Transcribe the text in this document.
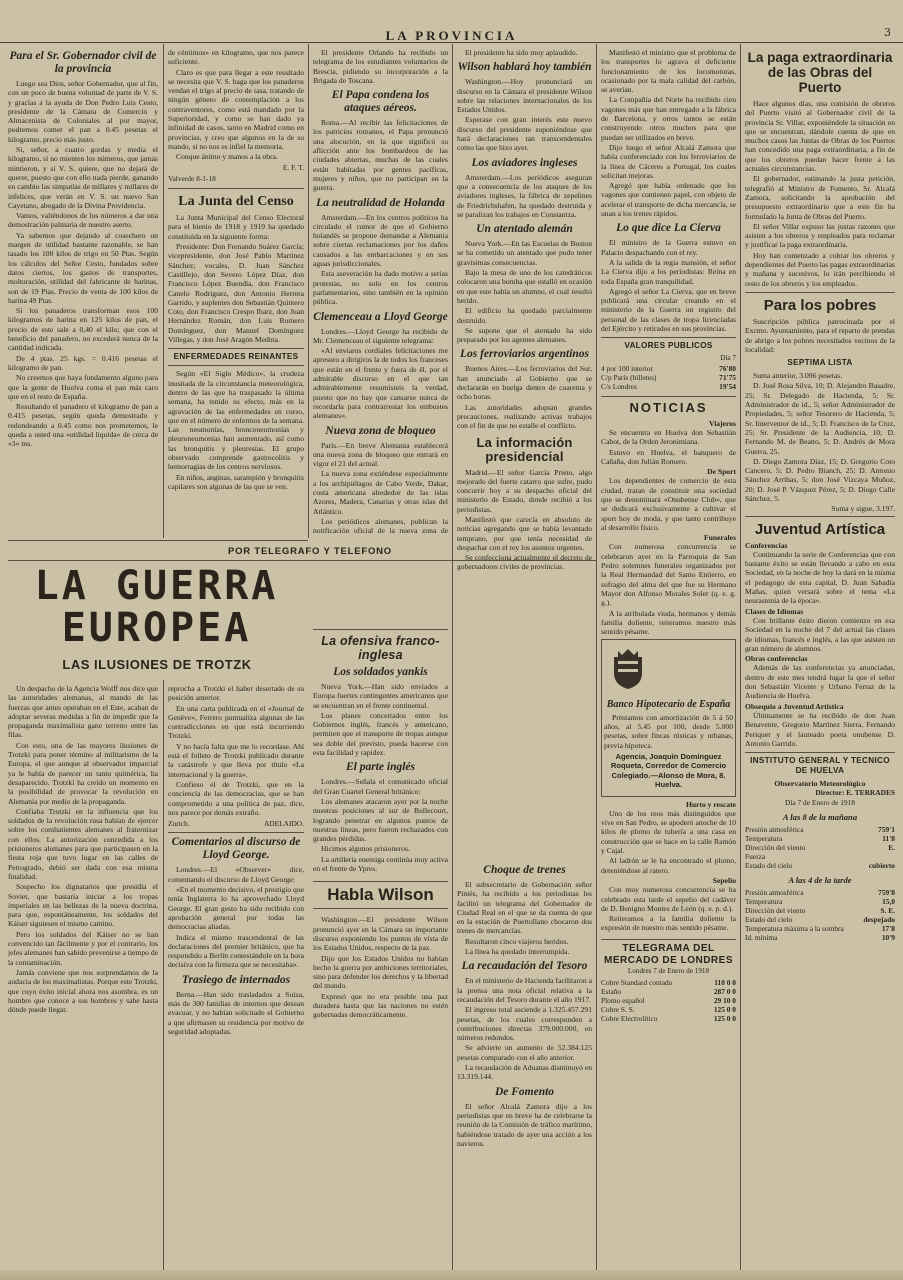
LA PROVINCIA	3
Para el Sr. Gobernador civil de la provincia

Luego sea Dios, señor Gobernador, que al fin, con un poco de buena voluntad de parte de V. S. y gracias a la ayuda de Don Pedro Luis Cesto, presidente de la Cámara de Comercio y Almacenista de Coloniales al por mayor, podremos comer el pan a 0.45 pesetas el kilogramo, precio más justo.

Si, señor, a cuatro gordas y media el kilogramo, si no mienten los números, que jamás mintieron, y si V. S. quiere, que no dejará de querer, puesto que con ello nada pierde, ganando en cambio las simpatías de millares y millares de infelices, que verán en V. S. un nuevo San Cayetano, abogado de la Divina Providencia.

Vamos, valiéndonos de los números a dar una demostración palmaria de nuestro aserto.

Ya sabemos que dejando al cosechero un margen de utilidad bastante razonable, se han tasado los 100 kilos de trigo en 50 Ptas. Según los cálculos del Señor Cesto, fundados sobre datos ciertos, los gastos de transportes, molturación, utilidad del fabricante de harinas, son de 19 Ptas. Precio de venta de 100 kilos de harina 49 Ptas.

Si los panaderos transforman esos 100 kilogramos de harina en 125 kilos de pan, el precio de este sale a 0,40 el kilo; que con el beneficio del panadero, no excederá nunca de la cantidad indicada.

De 4 ptas. 25 kgs. = 0.416 pesetas el kilogramo de pan.

No creemos que haya fundamento alguno para que la gente de Huelva coma el pan más caro que en el resto de España.

Resultando el panadero el kilogramo de pan a 0.415 pesetas, según queda demostrado y redondeando a 0.45 como nos prometemos, le queda a usted una «utilidad líquida» de cerca de «3» ms.

de céntimos» en kilogramo, que nos parece suficiente.

Claro es que para llegar a este resultado se necesita que V. S. haga que los panaderos vendan el trigo al precio de tasa, tratando de ningún género de contemplación a los contraventores, como está mandado por la Superioridad, y como se han dado ya infinidad de casos, tanto en Madrid como en provincias, y creo que algunos en la de su mando, si no nos es infiel la memoria.

Conque ánimo y manos a la obra.

E. F. T.
Valverde 8-1-18
La Junta del Censo

La Junta Municipal del Censo Electoral para el bienio de 1918 y 1919 ha quedado constituida en la siguiente forma:

Presidente: Don Fernando Suárez García; vicepresidente, don José Pablo Martínez Sánchez; vocales, D. Juan Sánchez Castillejo, don Severo López Díaz, don Francisco López Buendía, don Francisco Canelo Rodríguez, don Antonio Herrera Garrido, y suplentes don Sebastián Quintero Coto, don Francisco Crespo Ibarz, don Juan Hernández Román, don Luis Romero Domínguez, don Manuel Domínguez Villegas, y don José Aragón Medina.

ENFERMEDADES REINANTES

Según «El Siglo Médico», la crudeza inusitada de la circunstancia meteorológica, dentro de las que ha traspasado la última semana, ha tenido su efecto, más en la agravación de las enfermedades en curso, que en el número de enfermos de la semana. Las neumonías, bronconeumonías y pleuroneumonías han aumentado, así como las bronquitis y pleuresías. El grupo observado comprende gastrocolitis y hemorragias de los centros nerviosos.

En niños, anginas, sarampión y bronquitis capilares son algunas de las que se ven.

El presidente Orlando ha recibido un telegrama de los estudiantes voluntarios de Brescia, pidiendo su incorporación a la Brigada de Toscana.

El Papa condena los ataques aéreos.

Roma.—Al recibir las felicitaciones de los patricios romanos, el Papa pronunció una alocución, en la que significó su aflicción ante los bombardeos de las ciudades abiertas, muchas de las cuales están habitadas por gentes pacíficas, mujeres y niños, que no participan en la guerra.

La neutralidad de Holanda

Amsterdam.—En los centros políticos ha circulado el rumor de que el Gobierno holandés se propone demandar a Alemania sobre ciertas reclamaciones por los daños causados a las embarcaciones y en sus aguas jurisdiccionales.

Esta aseveración ha dado motivo a serias protestas, no solo en los centros parlamentarios, sino también en la opinión pública.

Clemenceau a Lloyd George

Londres.—Lloyd George ha recibido de Mr. Clemenceau el siguiente telegrama:

«Al enviaros cordiales felicitaciones me apresuro a dirigiros la de todos los franceses que están en el frente y fuera de él, por el admirable discurso en el que tan admirablemente resumisteis la verdad, puesto que no hay que cansarse nunca de recordarla para contrarrestar los embustes alemanes».

Nueva zona de bloqueo

París.—En breve Alemania establecerá una nueva zona de bloqueo que entrará en vigor el 21 del actual.

La nueva zona extiéndese especialmente a los archipiélagos de Cabo Verde, Dakar, costa americana alrededor de las islas Azores, Madera, Canarias y otras islas del Atlántico.

Los periódicos alemanes, publican la notificación oficial de la nueva zona de

El presidente ha sido muy aplaudido.

Wilson hablará hoy también

Washington.—Hoy pronunciará un discurso en la Cámara el presidente Wilson sobre las relaciones internacionales de los Estados Unidos.

Esperase con gran interés este nuevo discurso del presidente suponiéndose que hará declaraciones tan transcendentales como las que hizo ayer.

Los aviadores ingleses

Amsterdam.—Los periódicos aseguran que a consecuencia de los ataques de los aviadores ingleses, la fábrica de zepelines de Friedrichshafen, ha quedado destruida y se paralizan los trabajos en Constantza.

Un atentado alemán

Nueva York.—En las Escuelas de Boston se ha cometido un atentado que pudo tener gravísimas consecuencias.

Bajo la mesa de uno de los catedráticos colocaron una bomba que estalló en ocasión en que este había un alumno, el cual resultó herido.

El edificio ha quedado parcialmente destruido.

Se supone que el atentado ha sido preparado por los agentes alemanes.

Los ferroviarios argentinos

Buenos Aires.—Los ferroviarios del Sur, han anunciado al Gobierno que se declararán en huelga dentro de cuarenta y ocho horas.

Las autoridades adoptan grandes precauciones, realizando activas trabajos con el fin de que no estalle el conflicto.

La información presidencial

Madrid.—El señor García Prieto, algo mejorado del fuerte catarro que sufre, pudo concurrir hoy a su despacho oficial del ministerio de Estado, donde recibió a los periodistas.

Manifestó que carecía en absoluto de noticias agregando que se había levantado temprano, por que tenía necesidad de despachar con el rey los asuntos urgentes.

Se confecciona actualmente el decreto de gobernadores civiles de provincias.

Manifestó el ministro que el problema de los transportes lo agrava el deficiente funcionamiento de los locomotoras, ocasionado por la mala calidad del carbón, se averían.

La Compañía del Norte ha recibido cien vagones más que han entregado a la fábrica de Barcelona, y otros tantos se están construyendo otros muchos para que puedan ser utilizados en breve.

Dijo luego el señor Alcalá Zamora que había conferenciado con los ferroviarios de la línea de Cáceres a Portugal, los cuales solicitan mejoras.

Agregó que había ordenado que los vagones que contienen papel, con objeto de acelerar el transporte de dicha mercancía, se unan a los trenes rápidos.

Lo que dice La Cierva

El ministro de la Guerra estuvo en Palacio despachando con el rey.

A la salida de la regia mansión, el señor La Cierva dijo a los periodistas: Reina en toda España gran tranquilidad.

Agregó el señor La Cierva, que en breve publicará una circular creando en el ministerio de la Guerra un registro del personal de las clases de tropa licenciadas del Ejército y retirados en sus provincias.

VALORES PUBLICOS
Día 7
4 por 100 interior	76'80
C/p París (billetes)	71'75
C/s Londres	19'54
NOTICIAS
Viajeros

Se encuentra en Huelva don Sebastián Cabot, de la Orden Jeronimiana.

Estuvo en Huelva, el banquero de Cañaña, don Julián Romero.

De Sport

Los dependientes de comercio de esta ciudad, tratan de constituir una sociedad que se denominará «Onubense Club», que se dedicará exclusivamente a cultivar el sport hoy de moda, y que tanto contribuye al desarrollo físico.

Funerales

Con numerosa concurrencia se celebraron ayer en la Parroquia de San Pedro solemnes funerales organizados por la Real Hermandad del Santo Entierro, en sufragio del alma del que fue su Hermano Mayor don Alfonso Morales Soler (q. e. g. g.).

A la atribulada viuda, hermanos y demás familia doliente, reiteramos nuestro más sentido pésame.

Banco Hipotecario de España

Préstamos con amortización de 5 á 50 años, al 5.45 por 100, desde 5.000 pesetas, sobre fincas rústicas y urbanas, previa hipoteca.

Agencia, Joaquín Domínguez Roqueta, Corredor de Comercio Colegiado.—Alonso de Mora, 8. Huelva.
Hurto y rescate

Uno de los reos más distinguidos que vive en San Pedro, se apoderó anoche de 10 kilos de plomo de tubería a una casa en construcción que se hace en la calle Ramón y Cajal.

Al ladrón se le ha encontrado el plomo, deteniéndose al ratero.

Sepelio

Con muy numerosa concurrencia se ha celebrado esta tarde el sepelio del cadáver de D. Benigno Montes de León (q. e. p. d.).

Reiteramos a la familia doliente la expresión de nuestro más sentido pésame.

TELEGRAMA DEL MERCADO DE LONDRES
Londres 7 de Enero de 1918
Cobre Standard contado	110 0 0
Estaño	287 0 0
Plomo español	29 10 0
Cobre S. S.	125 0 0
Cobre Electrolítico	125 0 0
La paga extraordinaria de las Obras del Puerto

Hace algunos días, una comisión de obreros del Puerto visitó al Gobernador civil de la provincia Sr. Villar, exponiéndole la situación en que se encuentran, dándole cuenta de que en muchos casos las Juntas de Obras de los Puertos han concedido una paga extraordinaria, a fin de que los obreros puedan hacer frente a las actuales circunstancias.

El gobernador, estimando la justa petición, telegrafió al Ministro de Fomento, Sr. Alcalá Zamora, solicitando la aprobación del presupuesto extraordinario que a este fin ha formulado la Junta de Obras del Puerto.

El señor Villar expuso las justas razones que asisten a los obreros y empleados para reclamar y justificar la paga extraordinaria.

Hoy han comenzado a cobrar los obreros y dependientes del Puerto las pagas extraordinarias y mañana y sucesivos, lo irán percibiendo el resto de los obreros y los empleados.

Para los pobres

Suscripción pública patrocinada por el Excmo. Ayuntamiento, para el reparto de prendas de abrigo a los pobres necesitados vecinos de la localidad:

SEPTIMA LISTA

Suma anterior, 3.096 pesetas.

D. José Rosa Silva, 10; D. Alejandro Basadre, 25; Sr. Delegado de Hacienda, 5; Sr. Administrador de id., 5; señor Administrador de Propiedades, 5; señor Tesorero de Hacienda, 5; Sr. Interventor de id., 5; D. Francisco de la Cruz, 25; Sr. Presidente de la Audiencia, 10; D. Fernando M. de Beatto, 5; D. Andrés de Mora Guerra, 25.

D. Diego Zamora Díaz, 15; D. Gregorio Coto Cancero, 5; D. Pedro Bianch, 25; D. Antonio Sánchez Arribas, 5; don José Vizcaya Muñoz, 20; D. José P. Vázquez Pérez, 5; D. Diego Calle Sánchez, 5.

Suma y sigue, 3.197.

Juventud Artística
Conferencias

Continuando la serie de Conferencias que con bastante éxito se están llevando a cabo en esta Sociedad, en la noche de hoy la dará en la misma el pedagogo de esta capital, D. Juan Sabadía Mañas, quien versará sobre el tema «La neurastenia de la época».

Clases de Idiomas

Con brillante éxito dieron comienzo en esa Sociedad en la noche del 7 del actual las clases de idiomas, francés e inglés, a las que asisten un gran número de alumnos.

Obras conferencias

Además de las conferencias ya anunciadas, dentro de este mes tendrá lugar la que el señor don Sebastián Vicente y Urbano Ferraz de la Audiencia de Huelva.

Obsequio a Juventud Artística

Últimamente se ha recibido de don Juan Benavente, Gregorio Martínez Sierra, Fernando Periquet y el laureado poeta onubense D. Antonio Garrido.

INSTITUTO GENERAL Y TECNICO DE HUELVA
Observatorio Meteorológico
Director: E. TERRADES
Día 7 de Enero de 1918
A las 8 de la mañana
Presión atmosférica	759'1
Temperatura	11'8
Dirección del viento	E.
Fuerza	
Estado del cielo	cubierto
A las 4 de la tarde
Presión atmosférica	759'8
Temperatura	15,0
Dirección del viento	S. E.
Estado del cielo	despejado
Temperatura máxima a la sombra	17'8
Id. mínima	10'9
POR TELEGRAFO Y TELEFONO
LA GUERRA EUROPEA
LAS ILUSIONES DE TROTZK

Un despacho de la Agencia Wolff nos dice que las autoridades alemanas, al mando de las fuerzas que antes operaban en el Este, acaban de adoptar severas medidas a fin de impedir que la propaganda maximalista gane terreno entre las filas.

Con esto, una de las mayores ilusiones de Trotzki para poner término al militarismo de la Europa, el que aunque al observador imparcial ya le había de parecer un tanto quimérica, ha desaparecido. Trotzki ha creído un momento en la posibilidad de provocar la revolución en Alemania por medio de la propaganda.

Confiaba Trotzki en la influencia que los soldados de la revolución rusa habían de ejercer sobre los combatientes alemanes al fraternizar con ellos. La autorización concedida a los prisioneros alemanes para que participasen en la fiesta roja que tuvo lugar en las calles de Petrogrado, debió ser dada con esa misma finalidad.

Sospecho los dignatarios que presidía el Soviet, que bastaría iniciar a los tropas imperiales en las bellezas de la nueva doctrina, para que, espontáneamente, los soldados del Káiser siguiesen el mismo camino.

Pero los soldados del Káiser no se han convencido tan fácilmente y por el contrario, los jefes alemanes han sabido prevenirse a tiempo de la contaminación.

Jamás conviene que nos sorprendamos de la audacia de los maximalistas. Porque este Trotzki, que cuyo éxito inicial ahora nos asombra, es un hombre que conoce a sus hombres y sabe hasta dónde puede llegar.

reprocha a Trotzki el haber desertado de su posición anterior.

En una carta publicada en el «Journal de Genève», Ferrero puntualiza algunas de las contradicciones en que está incurriendo Trotzki.

Y no hacía falta que me lo recordase. Ahí está el folleto de Trotzki publicado durante la catástrofe y que lleva por título «La internacional y la guerra».

Confieso el de Trotzki, que en la conciencia de las democracias, que se han comprometido a una política de paz, dice, nos parece por demás extraño.

Zurich.	ADELAIDO.
Comentarios al discurso de Lloyd George.

Londres.—El «Observer» dice, comentando el discurso de Lloyd George:

«En el momento decisivo, el prestigio que tenía Inglaterra lo ha aprovechado Lloyd George. El gran gesto ha sido recibido con aprobación general por todas las democracias aliadas.

Indica el mismo trascendental de las declaraciones del premier británico, que ha respondido a Berlín contestándole en la hora decisiva con la firmeza que se necesitaba».

Trasiego de internados

Berna.—Han sido trasladados a Suiza, más de 300 familias de internos que desean evacuar, y no habían solicitado el Gobierno a que afirmasen su residencia por motivo de seguridad adoptadas.

La ofensiva franco-inglesa
Los soldados yankis

Nueva York.—Han sido enviados a Europa fuertes contingentes americanos que se encuentran en el frente continental.

Los planes concertados entre los Gobiernos inglés, francés y americano, permiten que el transporte de tropas aunque sea doble del previsto, pueda hacerse con esta facilidad y rapidez.

El parte inglés

Londres.—Señala el comunicado oficial del Gran Cuartel General británico:

Los alemanes atacaron ayer por la noche nuestras posiciones al sur de Bullecourt, logrando penetrar en algunos puntos de nuestras líneas, pero fueron rechazados con grandes pérdidas.

Hicimos algunos prisioneros.

La artillería enemiga continúa muy activa en el frente de Ypres.

Habla Wilson

Washington.—El presidente Wilson pronunció ayer en la Cámara un importante discurso exponiendo los puntos de vista de los Estados Unidos, respecto de la paz.

Dijo que los Estados Unidos no habían hecho la guerra por ambiciones territoriales, sino para defender los derechos y la libertad del mundo.

Expresó que no era posible una paz duradera hasta que las naciones no estén gobernadas democráticamente.

Choque de trenes

El subsecretario de Gobernación señor Piniés, ha recibido a los periodistas les facilitó un telegrama del Gobernador de Ciudad Real en el que se da cuenta de que en la estación de Puertollano chocaron dos trenes de mercancías.

Resultaron cinco viajeros heridos.

La línea ha quedado interrumpida.

La recaudación del Tesoro

En el ministerio de Hacienda facilitaron a la prensa una nota oficial relativa a la recaudación del Tesoro durante el año 1917.

El ingreso total asciende a 1.325.457.291 pesetas, de los cuales corresponden a contribuciones directas 379.000.000, en números redondos.

Se advierte un aumento de 52.384.125 pesetas comparado con el año anterior.

La recaudación de Aduanas disminuyó en 13.319.144.

De Fomento

El señor Alcalá Zamora dijo a los periodistas que en breve ha de celebrarse la reunión de la Comisión de tráfico marítimo, habiéndose tratado de ayer una acción a los navieros.
